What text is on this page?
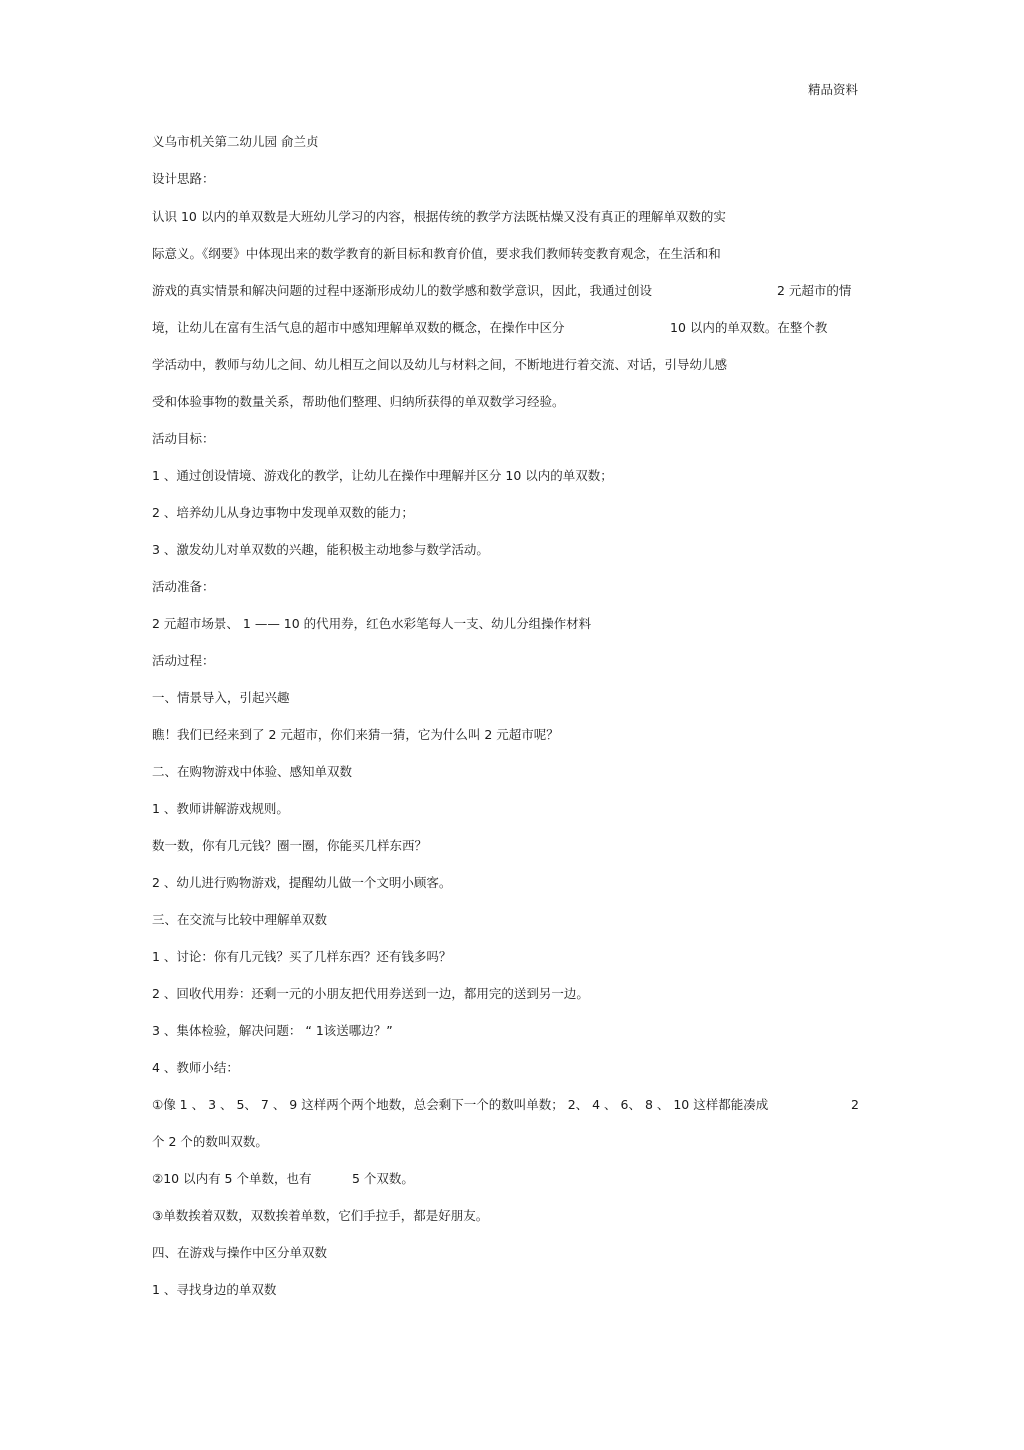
精品资料
义乌市机关第二幼儿园 俞兰贞
设计思路：
认识 10 以内的单双数是大班幼儿学习的内容，根据传统的教学方法既枯燥又没有真正的理解单双数的实
际意义。《纲要》中体现出来的数学教育的新目标和教育价值，要求我们教师转变教育观念，在生活和和
游戏的真实情景和解决问题的过程中逐渐形成幼儿的数学感和数学意识，因此，我通过创设	2 元超市的情
境，让幼儿在富有生活气息的超市中感知理解单双数的概念，在操作中区分	10 以内的单双数。在整个教
学活动中，教师与幼儿之间、幼儿相互之间以及幼儿与材料之间，不断地进行着交流、对话，引导幼儿感
受和体验事物的数量关系，帮助他们整理、归纳所获得的单双数学习经验。
活动目标：
1 、通过创设情境、游戏化的教学，让幼儿在操作中理解并区分 10 以内的单双数；
2 、培养幼儿从身边事物中发现单双数的能力；
3 、激发幼儿对单双数的兴趣，能积极主动地参与数学活动。
活动准备：
2 元超市场景、 1 —— 10 的代用券，红色水彩笔每人一支、幼儿分组操作材料
活动过程：
一、情景导入，引起兴趣
瞧！我们已经来到了 2 元超市，你们来猜一猜，它为什么叫 2 元超市呢？
二、在购物游戏中体验、感知单双数
1 、教师讲解游戏规则。
数一数，你有几元钱？圈一圈，你能买几样东西？
2 、幼儿进行购物游戏，提醒幼儿做一个文明小顾客。
三、在交流与比较中理解单双数
1 、讨论：你有几元钱？买了几样东西？还有钱多吗？
2 、回收代用券：还剩一元的小朋友把代用券送到一边，都用完的送到另一边。
3 、集体检验，解决问题： “ 1该送哪边？”
4 、教师小结：
①像 1 、 3 、 5、 7 、 9 这样两个两个地数，总会剩下一个的数叫单数； 2、 4 、 6、 8 、 10 这样都能凑成	2
个 2 个的数叫双数。
②10 以内有 5 个单数，也有	5 个双数。
③单数挨着双数，双数挨着单数，它们手拉手，都是好朋友。
四、在游戏与操作中区分单双数
1 、寻找身边的单双数
